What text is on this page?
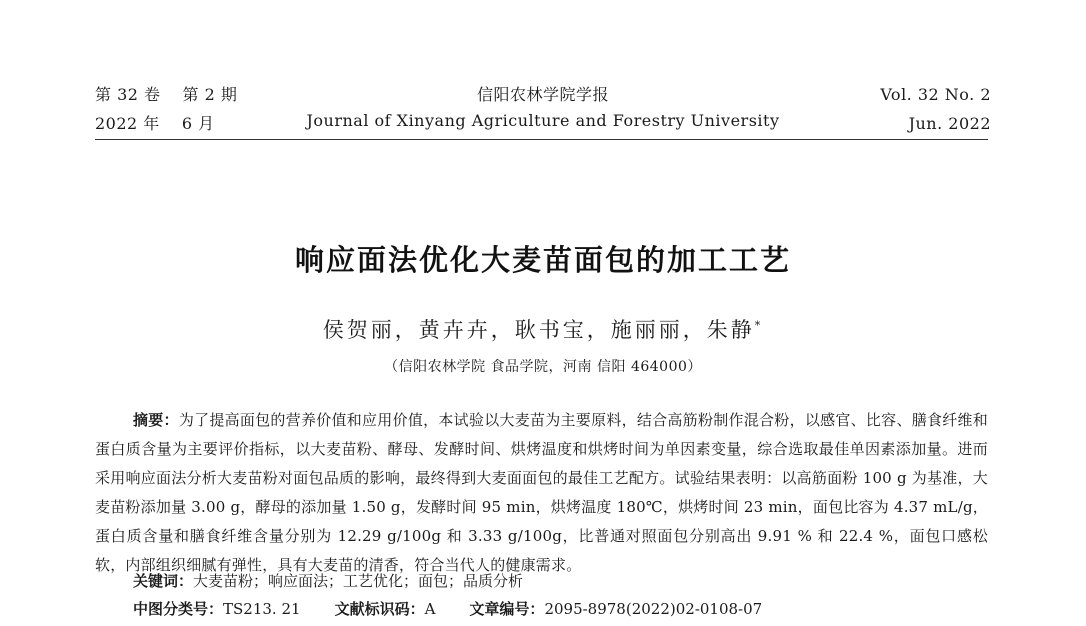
第 32 卷 第 2 期	信阳农林学院学报	Vol. 32 No. 2
2022 年 6 月	Journal of Xinyang Agriculture and Forestry University	Jun. 2022
响应面法优化大麦苗面包的加工工艺
侯贺丽，黄卉卉，耿书宝，施丽丽，朱静*
（信阳农林学院 食品学院，河南 信阳 464000）
摘要：为了提高面包的营养价值和应用价值，本试验以大麦苗为主要原料，结合高筋粉制作混合粉，以感官、比容、膳食纤维和蛋白质含量为主要评价指标，以大麦苗粉、酵母、发酵时间、烘烤温度和烘烤时间为单因素变量，综合选取最佳单因素添加量。进而采用响应面法分析大麦苗粉对面包品质的影响，最终得到大麦面面包的最佳工艺配方。试验结果表明：以高筋面粉 100 g 为基准，大麦苗粉添加量 3.00 g，酵母的添加量 1.50 g，发酵时间 95 min，烘烤温度 180℃，烘烤时间 23 min，面包比容为 4.37 mL/g，蛋白质含量和膳食纤维含量分别为 12.29 g/100g 和 3.33 g/100g，比普通对照面包分别高出 9.91 % 和 22.4 %，面包口感松软，内部组织细腻有弹性，具有大麦苗的清香，符合当代人的健康需求。
关键词：大麦苗粉；响应面法；工艺优化；面包；品质分析
中图分类号：TS213. 21 文献标识码：A 文章编号：2095-8978(2022)02-0108-07
